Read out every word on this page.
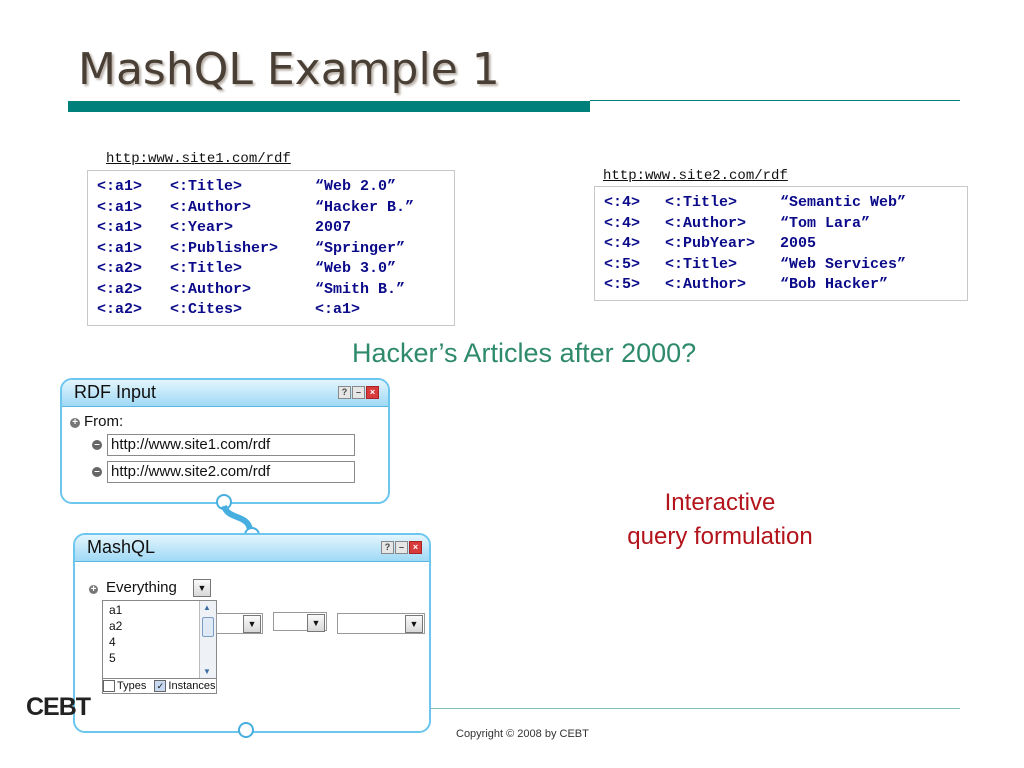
MashQL Example 1
http:www.site1.com/rdf
<:a1>	<:Title>	“Web 2.0”
<:a1>	<:Author>	“Hacker B.”
<:a1>	<:Year>	2007
<:a1>	<:Publisher>	“Springer”
<:a2>	<:Title>	“Web 3.0”
<:a2>	<:Author>	“Smith B.”
<:a2>	<:Cites>	<:a1>
http:www.site2.com/rdf
<:4>	<:Title>	“Semantic Web”
<:4>	<:Author>	“Tom Lara”
<:4>	<:PubYear>	2005
<:5>	<:Title>	“Web Services”
<:5>	<:Author>	“Bob Hacker”
Hacker’s Articles after 2000?
Interactive
query formulation
RDF Input	? – ×
+ From:
– http://www.site1.com/rdf
– http://www.site2.com/rdf
MashQL	? – ×
+ Everything	▼
a1
a2
4
5
▲
▼
Types ✓ Instances
▼	▼	▼
CEBT
Copyright © 2008 by CEBT
